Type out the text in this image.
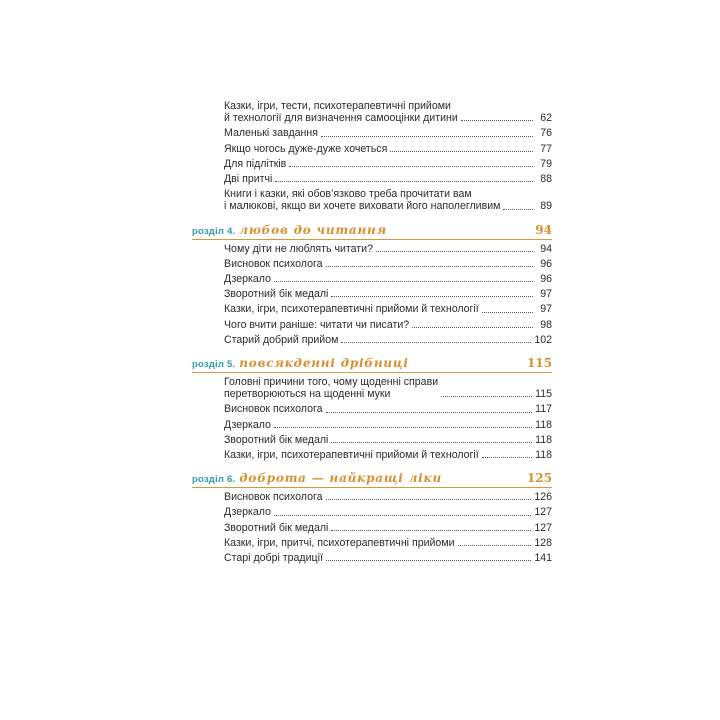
Казки, ігри, тести, психотерапевтичні прийоми
й технології для визначення самооцінки дитини	62
Маленькі завдання	76
Якщо чогось дуже-дуже хочеться	77
Для підлітків	79
Дві притчі	88
Книги і казки, які обов’язково треба прочитати вам
і малюкові, якщо ви хочете виховати його наполегливим	89
розділ 4. любов до читання	94
Чому діти не люблять читати?	94
Висновок психолога	96
Дзеркало	96
Зворотний бік медалі	97
Казки, ігри, психотерапевтичні прийоми й технології	97
Чого вчити раніше: читати чи писати?	98
Старий добрий прийом	102
розділ 5. повсякденні дрібниці	115
Головні причини того, чому щоденні справи
перетворюються на щоденні муки	115
Висновок психолога	117
Дзеркало	118
Зворотний бік медалі	118
Казки, ігри, психотерапевтичні прийоми й технології	118
розділ 6. доброта — найкращі ліки	125
Висновок психолога	126
Дзеркало	127
Зворотний бік медалі	127
Казки, ігри, притчі, психотерапевтичні прийоми	128
Старі добрі традиції	141
